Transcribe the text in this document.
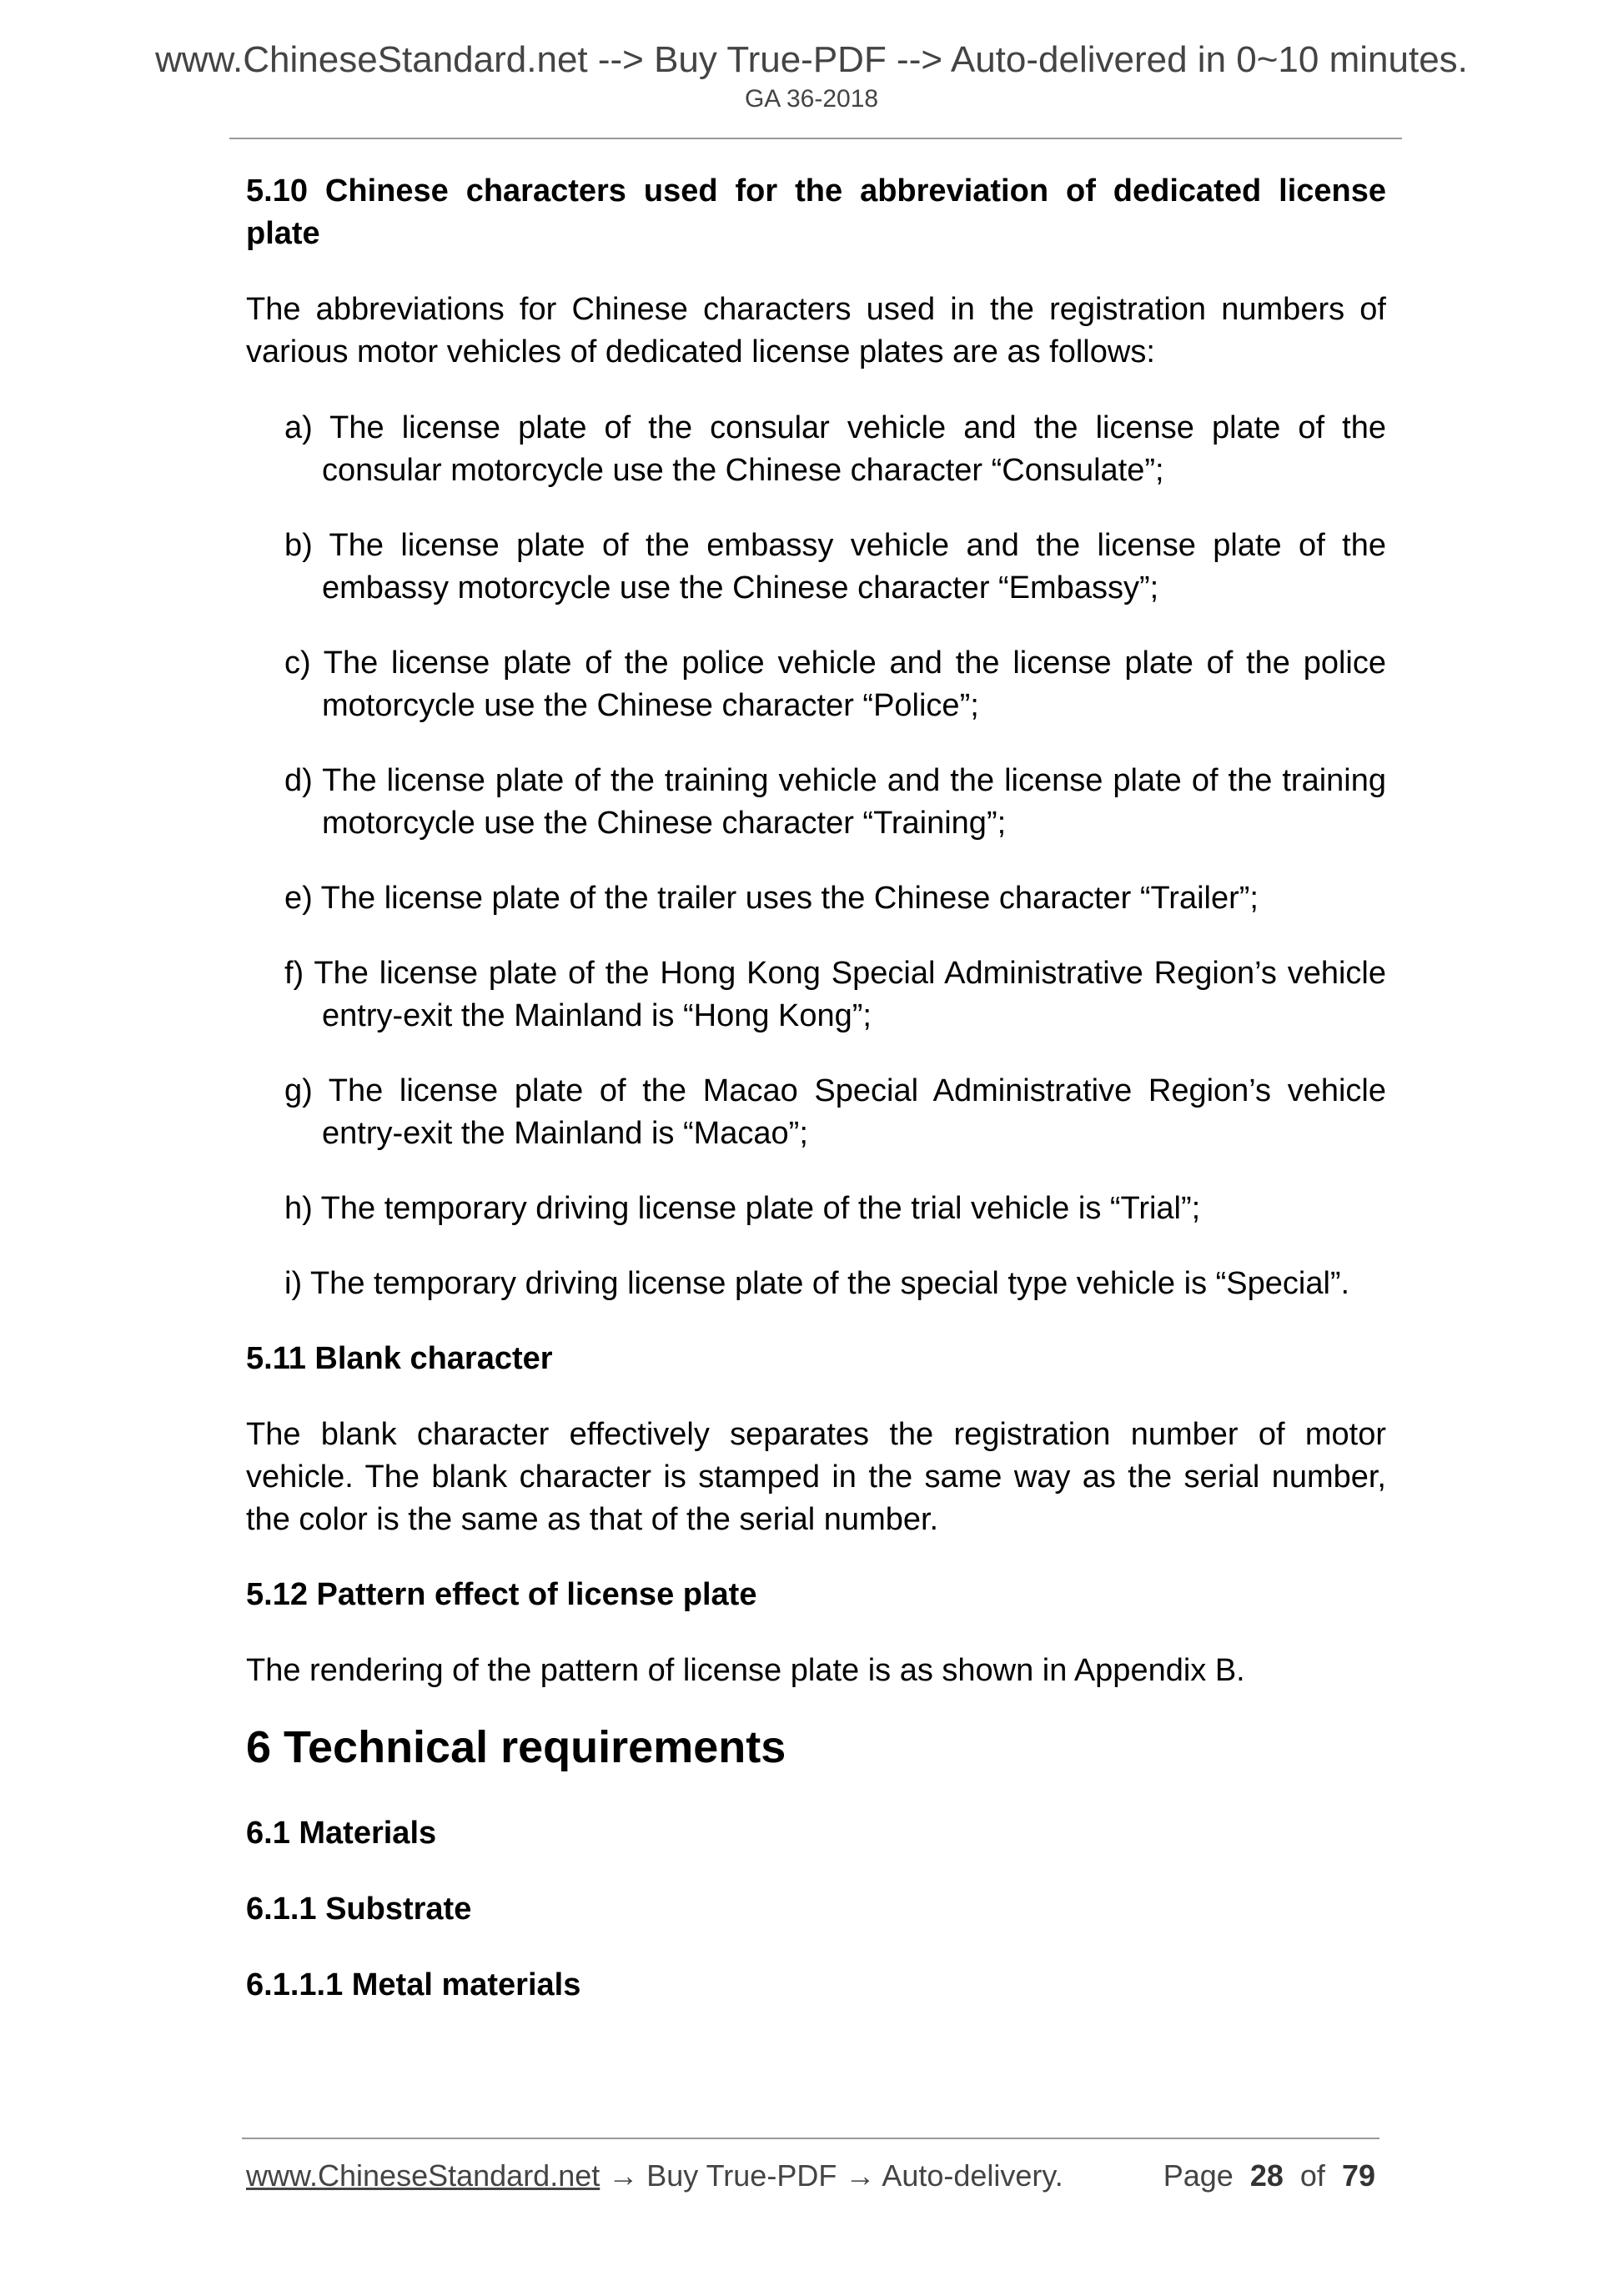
www.ChineseStandard.net --> Buy True-PDF --> Auto-delivered in 0~10 minutes.
GA 36-2018
5.10 Chinese characters used for the abbreviation of dedicated license plate

The abbreviations for Chinese characters used in the registration numbers of various motor vehicles of dedicated license plates are as follows:

a) The license plate of the consular vehicle and the license plate of the consular motorcycle use the Chinese character “Consulate”;
b) The license plate of the embassy vehicle and the license plate of the embassy motorcycle use the Chinese character “Embassy”;
c) The license plate of the police vehicle and the license plate of the police motorcycle use the Chinese character “Police”;
d) The license plate of the training vehicle and the license plate of the training motorcycle use the Chinese character “Training”;
e) The license plate of the trailer uses the Chinese character “Trailer”;
f) The license plate of the Hong Kong Special Administrative Region’s vehicle entry-exit the Mainland is “Hong Kong”;
g) The license plate of the Macao Special Administrative Region’s vehicle entry-exit the Mainland is “Macao”;
h) The temporary driving license plate of the trial vehicle is “Trial”;
i) The temporary driving license plate of the special type vehicle is “Special”.
5.11 Blank character

The blank character effectively separates the registration number of motor vehicle. The blank character is stamped in the same way as the serial number, the color is the same as that of the serial number.

5.12 Pattern effect of license plate

The rendering of the pattern of license plate is as shown in Appendix B.

6 Technical requirements
6.1 Materials
6.1.1 Substrate
6.1.1.1 Metal materials
www.ChineseStandard.net → Buy True-PDF → Auto-delivery.	Page 28 of 79
